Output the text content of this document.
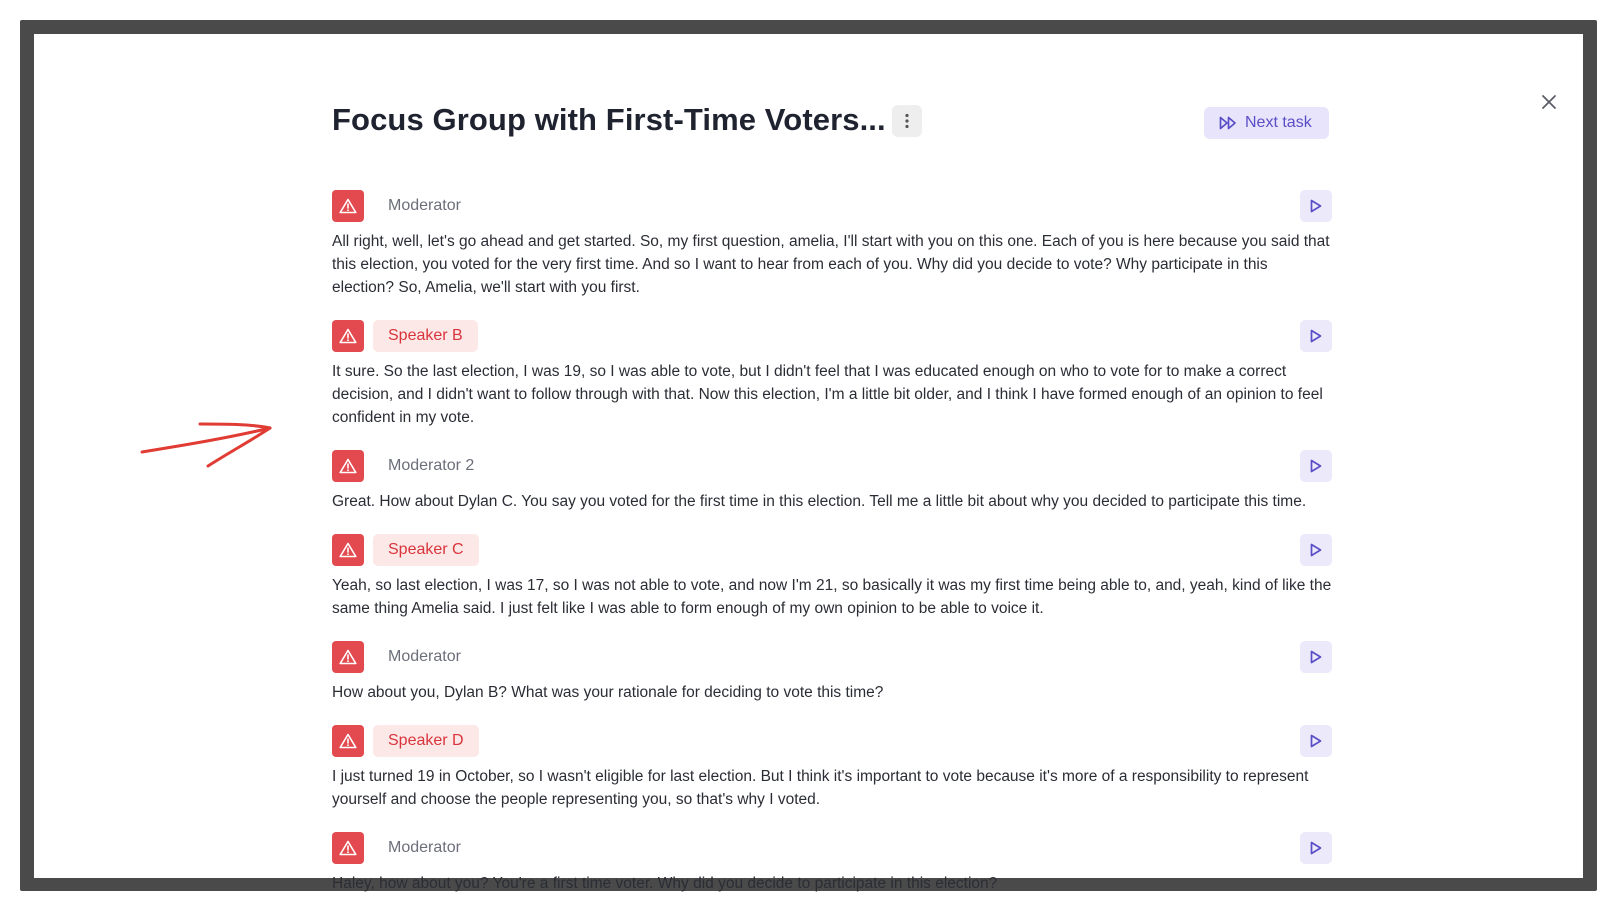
Focus Group with First-Time Voters...	Next task
Moderator
All right, well, let's go ahead and get started. So, my first question, amelia, I'll start with you on this one. Each of you is here because you said that this election, you voted for the very first time. And so I want to hear from each of you. Why did you decide to vote? Why participate in this election? So, Amelia, we'll start with you first.
Speaker B
It sure. So the last election, I was 19, so I was able to vote, but I didn't feel that I was educated enough on who to vote for to make a correct decision, and I didn't want to follow through with that. Now this election, I'm a little bit older, and I think I have formed enough of an opinion to feel confident in my vote.
Moderator 2
Great. How about Dylan C. You say you voted for the first time in this election. Tell me a little bit about why you decided to participate this time.
Speaker C
Yeah, so last election, I was 17, so I was not able to vote, and now I'm 21, so basically it was my first time being able to, and, yeah, kind of like the same thing Amelia said. I just felt like I was able to form enough of my own opinion to be able to voice it.
Moderator
How about you, Dylan B? What was your rationale for deciding to vote this time?
Speaker D
I just turned 19 in October, so I wasn't eligible for last election. But I think it's important to vote because it's more of a responsibility to represent yourself and choose the people representing you, so that's why I voted.
Moderator
Haley, how about you? You're a first time voter. Why did you decide to participate in this election?
